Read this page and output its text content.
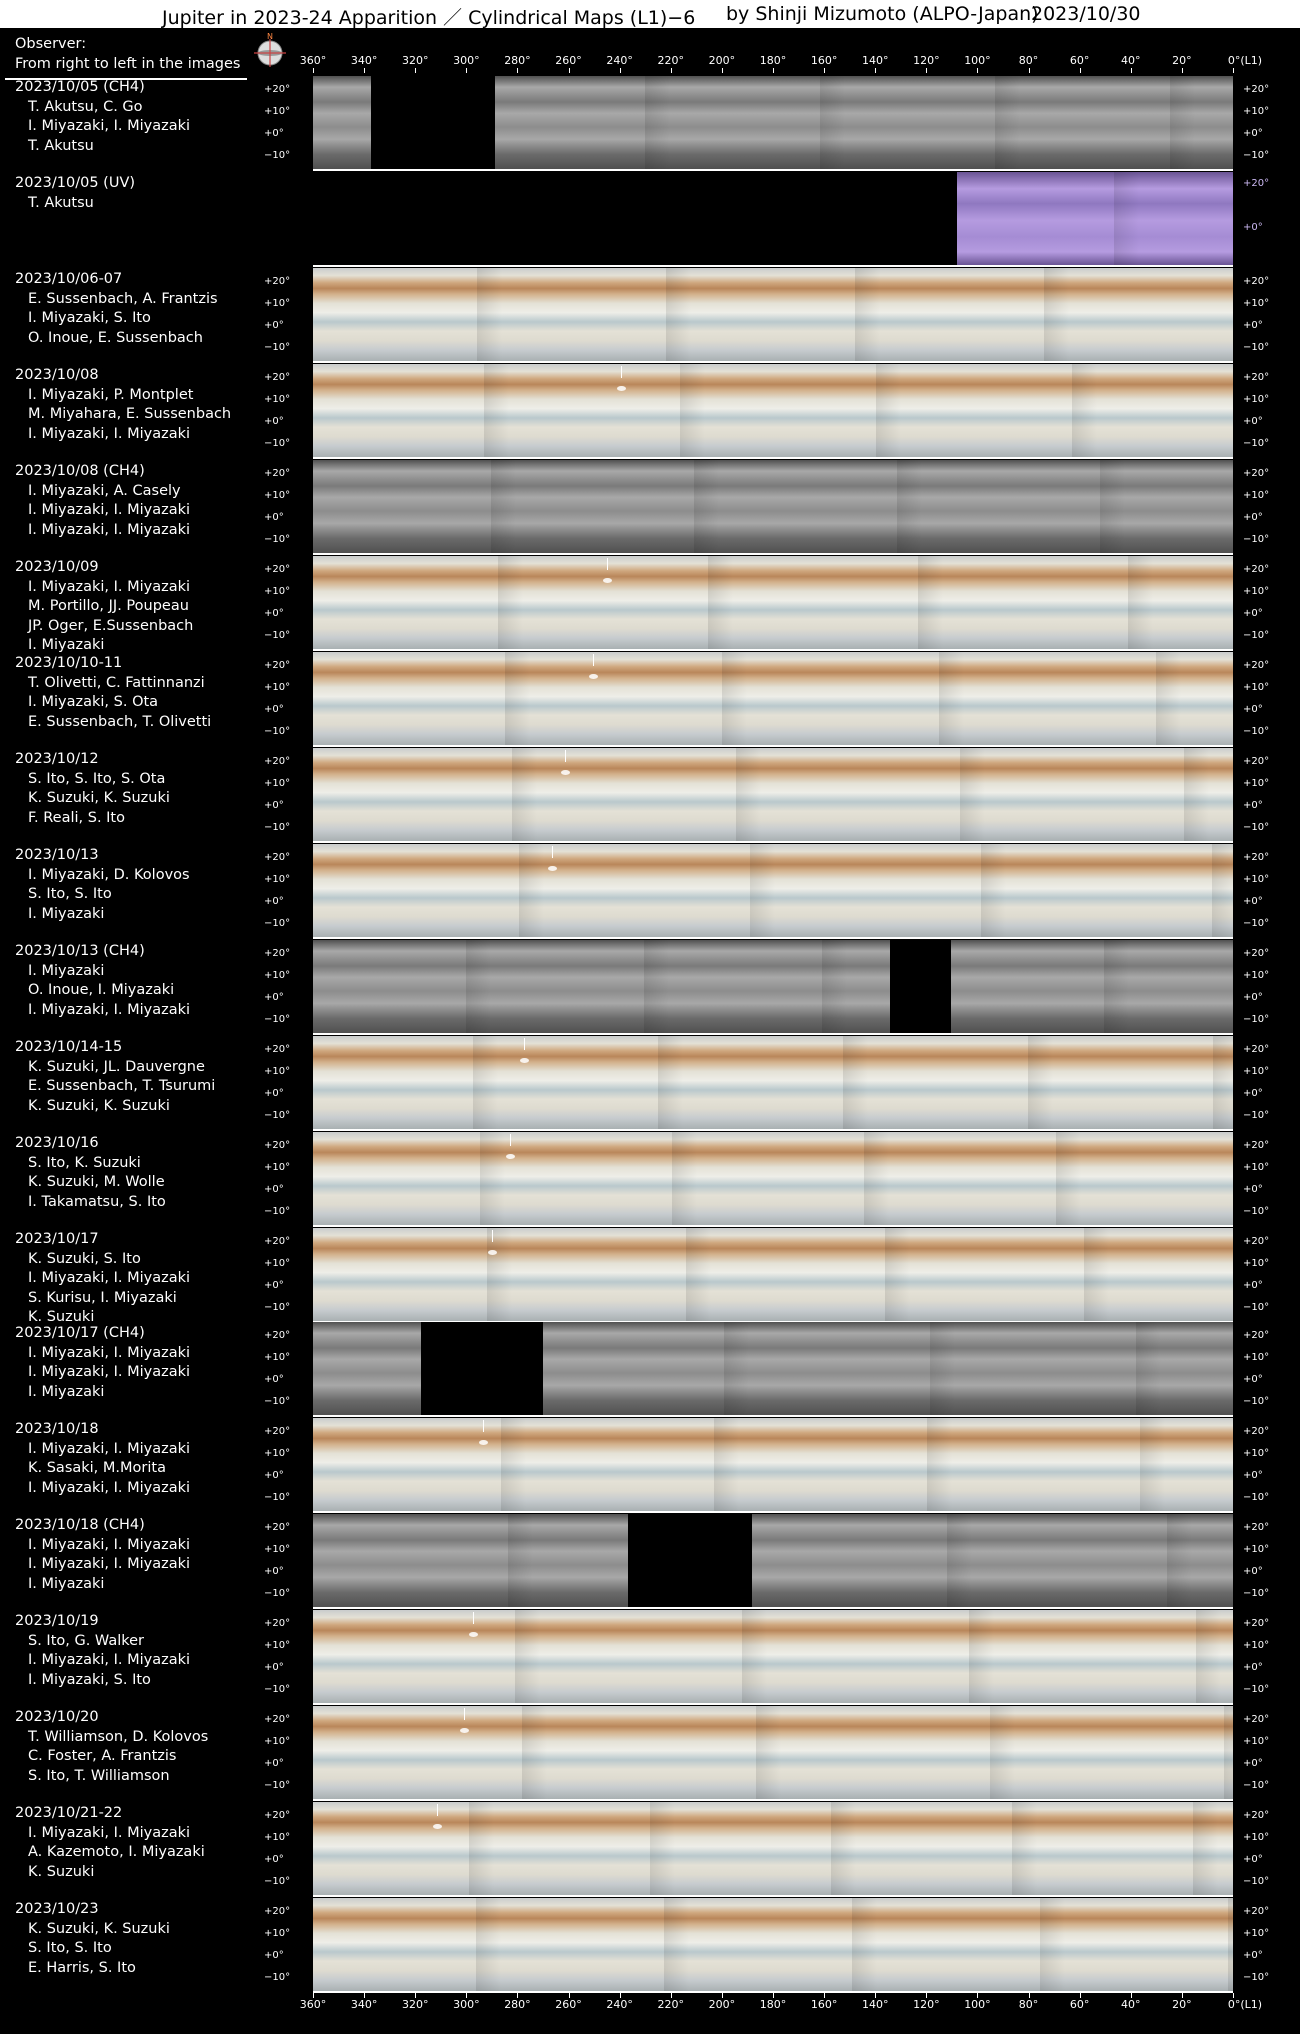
Jupiter in 2023-24 Apparition ／ Cylindrical Maps (L1)−6 by Shinji Mizumoto (ALPO-Japan)
2023/10/30
Observer:
From right to left in the images
N
360° 340° 320° 300° 280° 260° 240° 220° 200° 180° 160° 140° 120° 100°	80°	60°	40°	20°	0°(L1)
2023/10/05 (CH4)
T. Akutsu, C. Go
I. Miyazaki, I. Miyazaki
T. Akutsu
+20°	+20°
+10°	+10°
+0°	+0°
−10°	−10°
2023/10/05 (UV)
T. Akutsu
+20°
+0°
2023/10/06-07
E. Sussenbach, A. Frantzis
I. Miyazaki, S. Ito
O. Inoue, E. Sussenbach
+20°	+20°
+10°	+10°
+0°	+0°
−10°	−10°
2023/10/08
I. Miyazaki, P. Montplet
M. Miyahara, E. Sussenbach
I. Miyazaki, I. Miyazaki
+20°	+20°
+10°	+10°
+0°	+0°
−10°	−10°
2023/10/08 (CH4)
I. Miyazaki, A. Casely
I. Miyazaki, I. Miyazaki
I. Miyazaki, I. Miyazaki
+20°	+20°
+10°	+10°
+0°	+0°
−10°	−10°
2023/10/09
I. Miyazaki, I. Miyazaki
M. Portillo, JJ. Poupeau
JP. Oger, E.Sussenbach
I. Miyazaki
+20°	+20°
+10°	+10°
+0°	+0°
−10°	−10°
2023/10/10-11
T. Olivetti, C. Fattinnanzi
I. Miyazaki, S. Ota
E. Sussenbach, T. Olivetti
+20°	+20°
+10°	+10°
+0°	+0°
−10°	−10°
2023/10/12
S. Ito, S. Ito, S. Ota
K. Suzuki, K. Suzuki
F. Reali, S. Ito
+20°	+20°
+10°	+10°
+0°	+0°
−10°	−10°
2023/10/13
I. Miyazaki, D. Kolovos
S. Ito, S. Ito
I. Miyazaki
+20°	+20°
+10°	+10°
+0°	+0°
−10°	−10°
2023/10/13 (CH4)
I. Miyazaki
O. Inoue, I. Miyazaki
I. Miyazaki, I. Miyazaki
+20°	+20°
+10°	+10°
+0°	+0°
−10°	−10°
2023/10/14-15
K. Suzuki, JL. Dauvergne
E. Sussenbach, T. Tsurumi
K. Suzuki, K. Suzuki
+20°	+20°
+10°	+10°
+0°	+0°
−10°	−10°
2023/10/16
S. Ito, K. Suzuki
K. Suzuki, M. Wolle
I. Takamatsu, S. Ito
+20°	+20°
+10°	+10°
+0°	+0°
−10°	−10°
2023/10/17
K. Suzuki, S. Ito
I. Miyazaki, I. Miyazaki
S. Kurisu, I. Miyazaki
K. Suzuki
+20°	+20°
+10°	+10°
+0°	+0°
−10°	−10°
2023/10/17 (CH4)
I. Miyazaki, I. Miyazaki
I. Miyazaki, I. Miyazaki
I. Miyazaki
+20°	+20°
+10°	+10°
+0°	+0°
−10°	−10°
2023/10/18
I. Miyazaki, I. Miyazaki
K. Sasaki, M.Morita
I. Miyazaki, I. Miyazaki
+20°	+20°
+10°	+10°
+0°	+0°
−10°	−10°
2023/10/18 (CH4)
I. Miyazaki, I. Miyazaki
I. Miyazaki, I. Miyazaki
I. Miyazaki
+20°	+20°
+10°	+10°
+0°	+0°
−10°	−10°
2023/10/19
S. Ito, G. Walker
I. Miyazaki, I. Miyazaki
I. Miyazaki, S. Ito
+20°	+20°
+10°	+10°
+0°	+0°
−10°	−10°
2023/10/20
T. Williamson, D. Kolovos
C. Foster, A. Frantzis
S. Ito, T. Williamson
+20°	+20°
+10°	+10°
+0°	+0°
−10°	−10°
2023/10/21-22
I. Miyazaki, I. Miyazaki
A. Kazemoto, I. Miyazaki
K. Suzuki
+20°	+20°
+10°	+10°
+0°	+0°
−10°	−10°
2023/10/23
K. Suzuki, K. Suzuki
S. Ito, S. Ito
E. Harris, S. Ito
+20°	+20°
+10°	+10°
+0°	+0°
−10°	−10°
360° 340° 320° 300° 280° 260° 240° 220° 200° 180° 160° 140° 120° 100°	80°	60°	40°	20°	0°(L1)
